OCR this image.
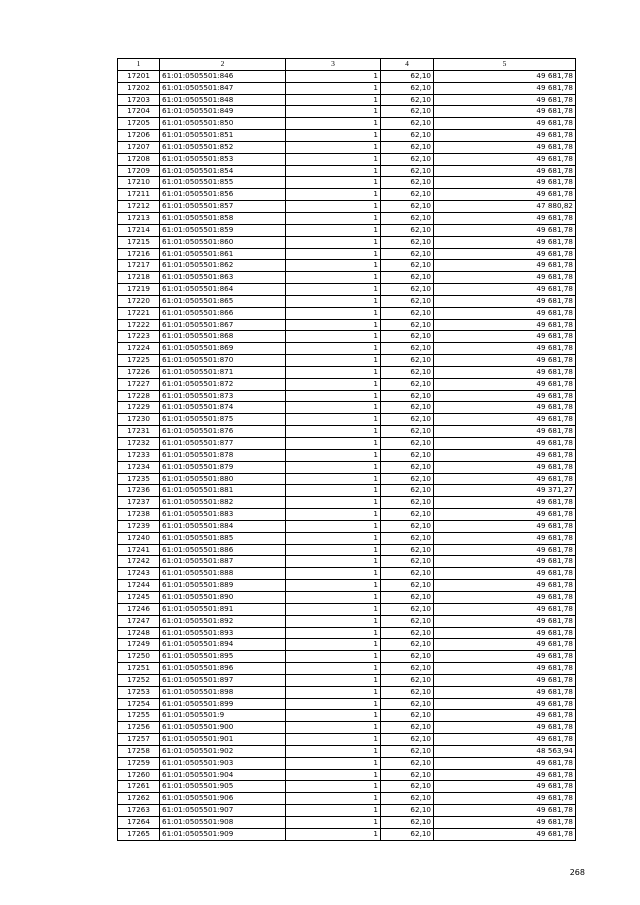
1	2	3	4	5
17201	61:01:0505501:846	1	62,10	49 681,78
17202	61:01:0505501:847	1	62,10	49 681,78
17203	61:01:0505501:848	1	62,10	49 681,78
17204	61:01:0505501:849	1	62,10	49 681,78
17205	61:01:0505501:850	1	62,10	49 681,78
17206	61:01:0505501:851	1	62,10	49 681,78
17207	61:01:0505501:852	1	62,10	49 681,78
17208	61:01:0505501:853	1	62,10	49 681,78
17209	61:01:0505501:854	1	62,10	49 681,78
17210	61:01:0505501:855	1	62,10	49 681,78
17211	61:01:0505501:856	1	62,10	49 681,78
17212	61:01:0505501:857	1	62,10	47 880,82
17213	61:01:0505501:858	1	62,10	49 681,78
17214	61:01:0505501:859	1	62,10	49 681,78
17215	61:01:0505501:860	1	62,10	49 681,78
17216	61:01:0505501:861	1	62,10	49 681,78
17217	61:01:0505501:862	1	62,10	49 681,78
17218	61:01:0505501:863	1	62,10	49 681,78
17219	61:01:0505501:864	1	62,10	49 681,78
17220	61:01:0505501:865	1	62,10	49 681,78
17221	61:01:0505501:866	1	62,10	49 681,78
17222	61:01:0505501:867	1	62,10	49 681,78
17223	61:01:0505501:868	1	62,10	49 681,78
17224	61:01:0505501:869	1	62,10	49 681,78
17225	61:01:0505501:870	1	62,10	49 681,78
17226	61:01:0505501:871	1	62,10	49 681,78
17227	61:01:0505501:872	1	62,10	49 681,78
17228	61:01:0505501:873	1	62,10	49 681,78
17229	61:01:0505501:874	1	62,10	49 681,78
17230	61:01:0505501:875	1	62,10	49 681,78
17231	61:01:0505501:876	1	62,10	49 681,78
17232	61:01:0505501:877	1	62,10	49 681,78
17233	61:01:0505501:878	1	62,10	49 681,78
17234	61:01:0505501:879	1	62,10	49 681,78
17235	61:01:0505501:880	1	62,10	49 681,78
17236	61:01:0505501:881	1	62,10	49 371,27
17237	61:01:0505501:882	1	62,10	49 681,78
17238	61:01:0505501:883	1	62,10	49 681,78
17239	61:01:0505501:884	1	62,10	49 681,78
17240	61:01:0505501:885	1	62,10	49 681,78
17241	61:01:0505501:886	1	62,10	49 681,78
17242	61:01:0505501:887	1	62,10	49 681,78
17243	61:01:0505501:888	1	62,10	49 681,78
17244	61:01:0505501:889	1	62,10	49 681,78
17245	61:01:0505501:890	1	62,10	49 681,78
17246	61:01:0505501:891	1	62,10	49 681,78
17247	61:01:0505501:892	1	62,10	49 681,78
17248	61:01:0505501:893	1	62,10	49 681,78
17249	61:01:0505501:894	1	62,10	49 681,78
17250	61:01:0505501:895	1	62,10	49 681,78
17251	61:01:0505501:896	1	62,10	49 681,78
17252	61:01:0505501:897	1	62,10	49 681,78
17253	61:01:0505501:898	1	62,10	49 681,78
17254	61:01:0505501:899	1	62,10	49 681,78
17255	61:01:0505501:9	1	62,10	49 681,78
17256	61:01:0505501:900	1	62,10	49 681,78
17257	61:01:0505501:901	1	62,10	49 681,78
17258	61:01:0505501:902	1	62,10	48 563,94
17259	61:01:0505501:903	1	62,10	49 681,78
17260	61:01:0505501:904	1	62,10	49 681,78
17261	61:01:0505501:905	1	62,10	49 681,78
17262	61:01:0505501:906	1	62,10	49 681,78
17263	61:01:0505501:907	1	62,10	49 681,78
17264	61:01:0505501:908	1	62,10	49 681,78
17265	61:01:0505501:909	1	62,10	49 681,78
268
